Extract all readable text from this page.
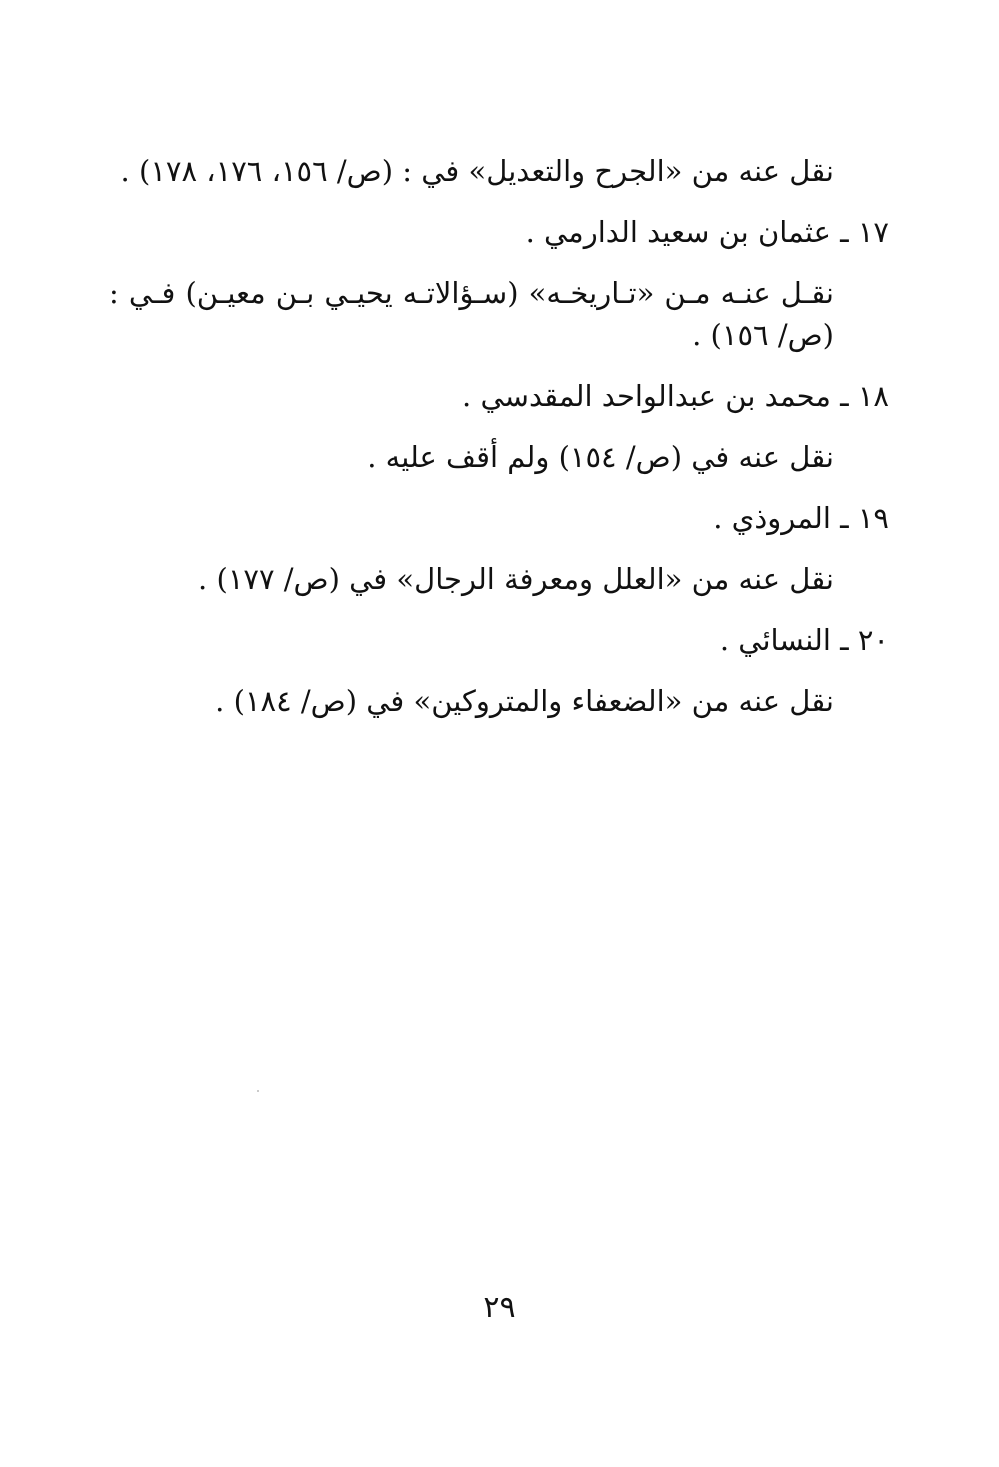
نقل عنه من «الجرح والتعديل» في : (ص/ ١٥٦، ١٧٦، ١٧٨) .

١٧ ـ عثمان بن سعيد الدارمي .

نقـل عنـه مـن «تـاريخـه» (سـؤالاتـه يحيـي بـن معيـن) فـي : (ص/ ١٥٦) .

١٨ ـ محمد بن عبدالواحد المقدسي .

نقل عنه في (ص/ ١٥٤) ولم أقف عليه .

١٩ ـ المروذي .

نقل عنه من «العلل ومعرفة الرجال» في (ص/ ١٧٧) .

٢٠ ـ النسائي .

نقل عنه من «الضعفاء والمتروكين» في (ص/ ١٨٤) .

٢٩
